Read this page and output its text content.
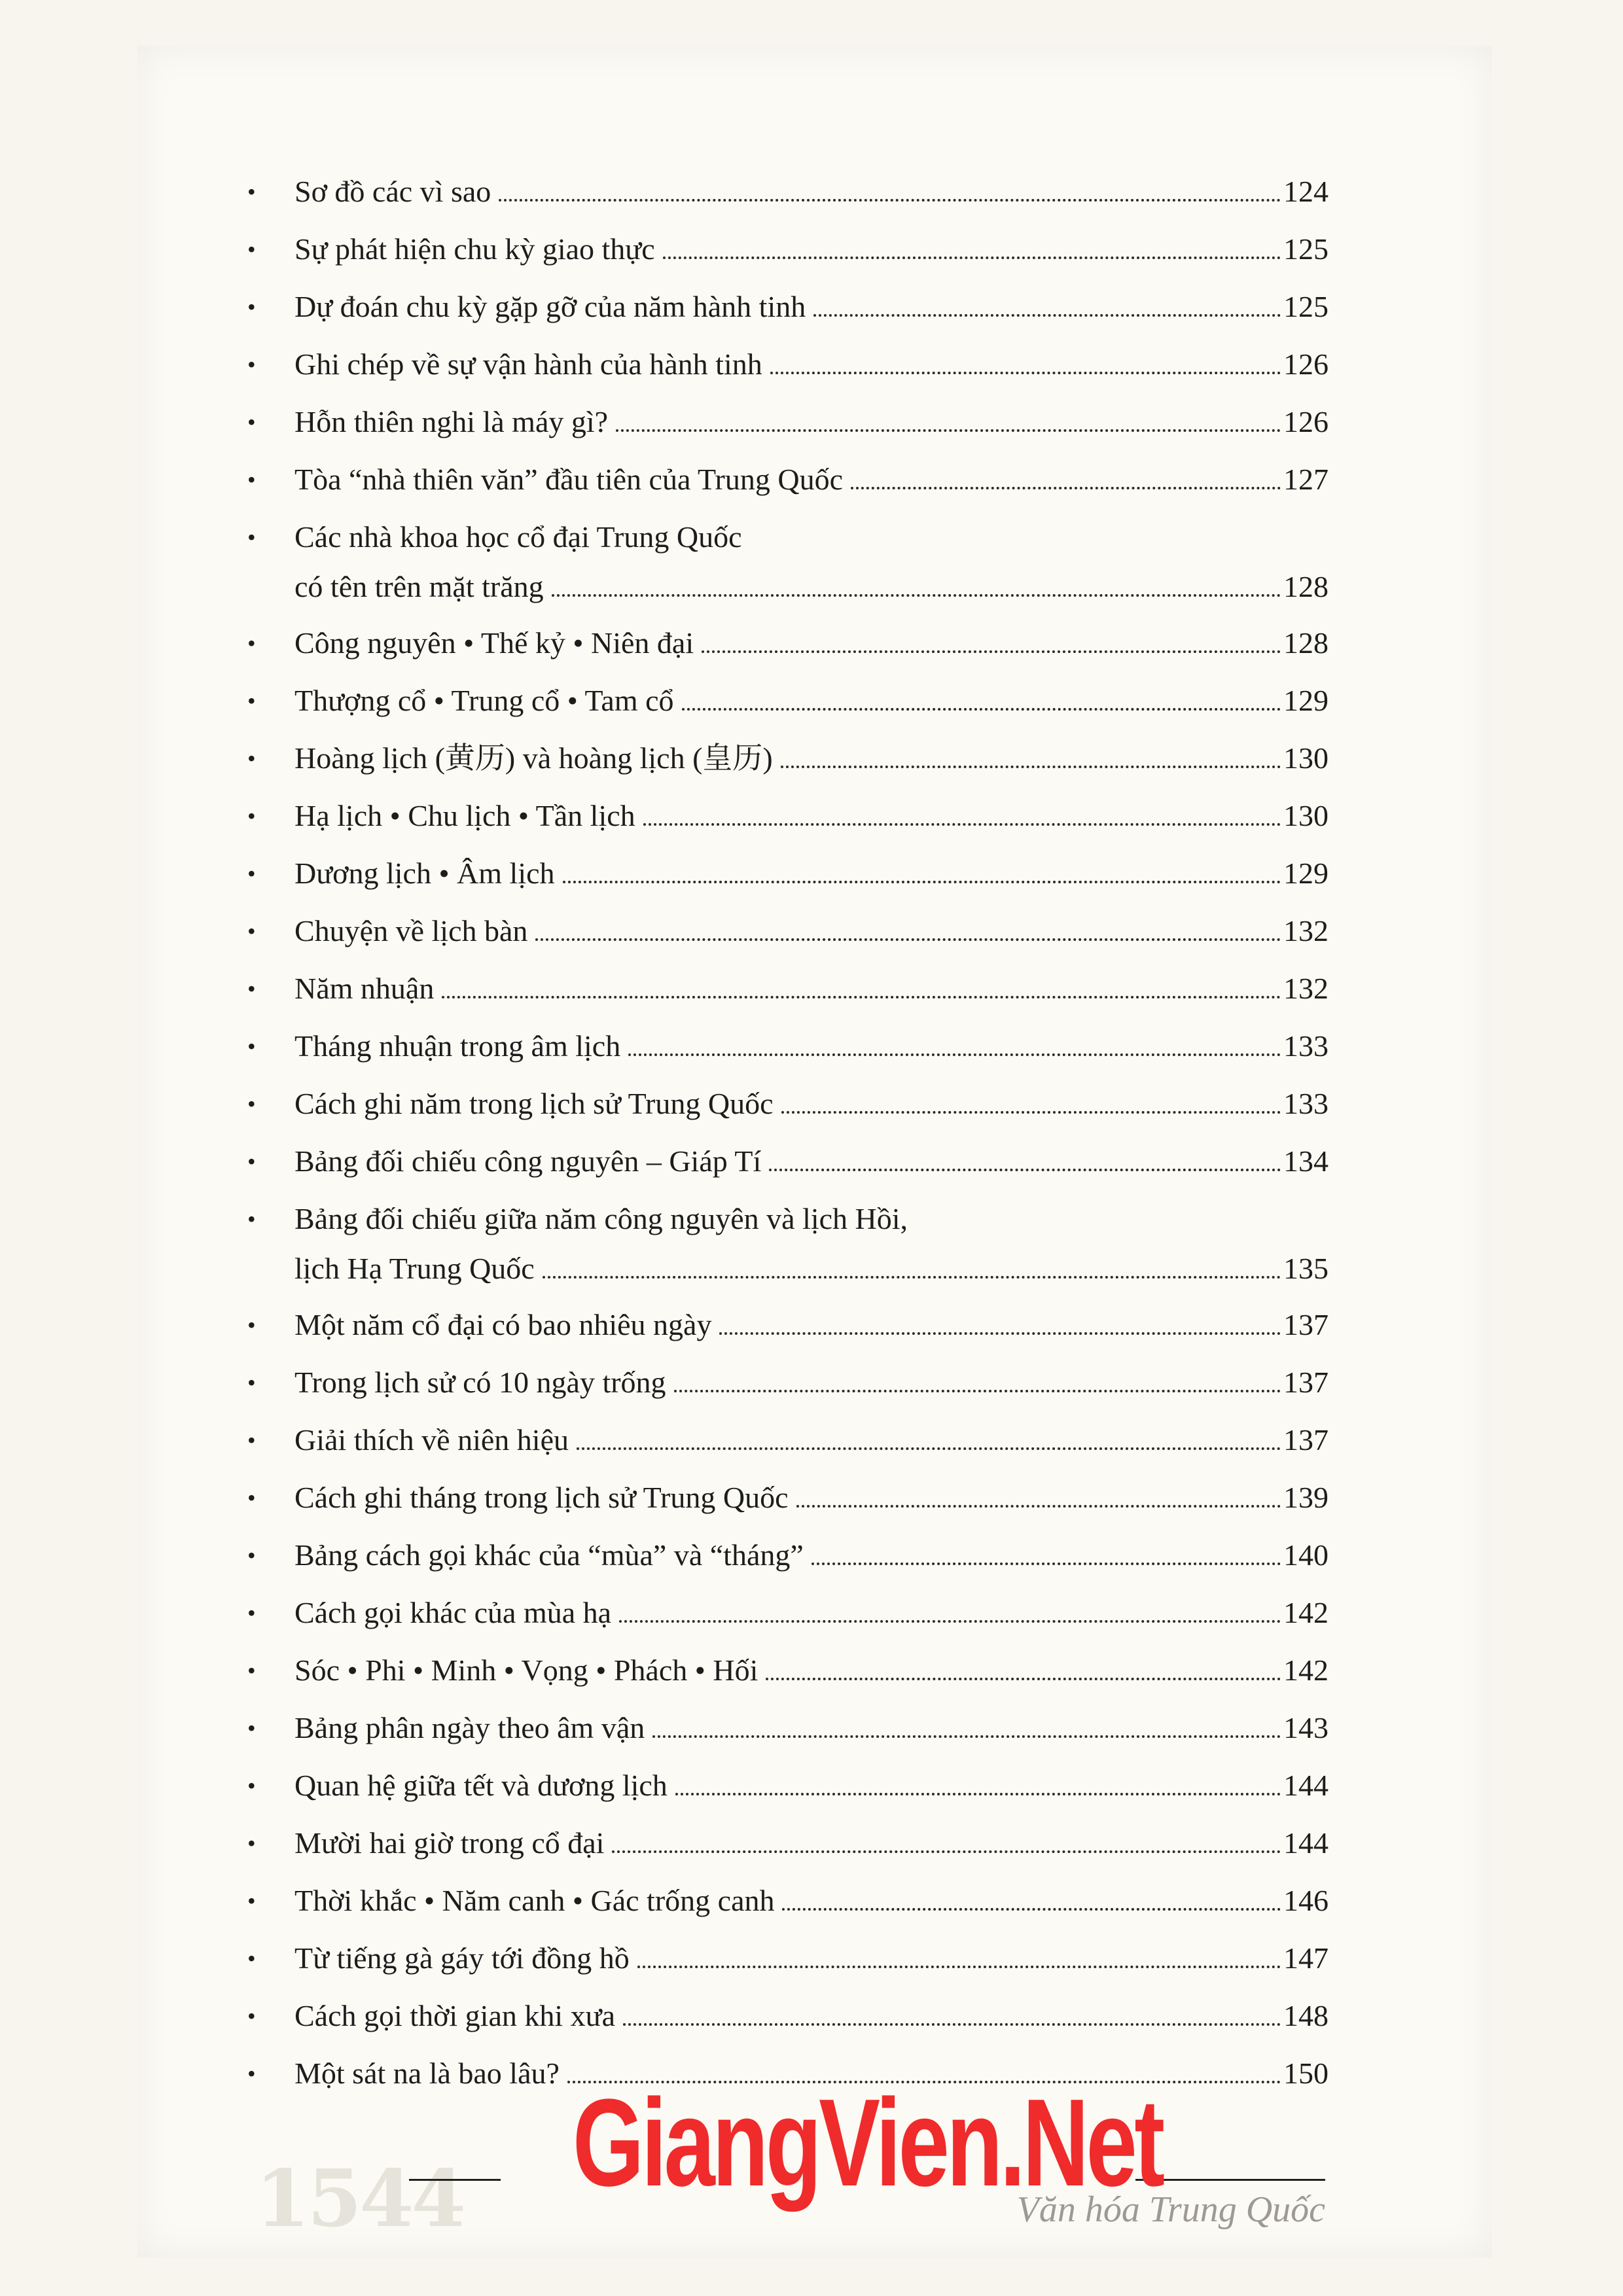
• Sơ đồ các vì sao	124
• Sự phát hiện chu kỳ giao thực	125
• Dự đoán chu kỳ gặp gỡ của năm hành tinh	125
• Ghi chép về sự vận hành của hành tinh	126
• Hỗn thiên nghi là máy gì?	126
• Tòa “nhà thiên văn” đầu tiên của Trung Quốc	127
• Các nhà khoa học cổ đại Trung Quốc
có tên trên mặt trăng	128
• Công nguyên • Thế kỷ • Niên đại	128
• Thượng cổ • Trung cổ • Tam cổ	129
• Hoàng lịch (黄历) và hoàng lịch (皇历)	130
• Hạ lịch • Chu lịch • Tần lịch	130
• Dương lịch • Âm lịch	129
• Chuyện về lịch bàn	132
• Năm nhuận	132
• Tháng nhuận trong âm lịch	133
• Cách ghi năm trong lịch sử Trung Quốc	133
• Bảng đối chiếu công nguyên – Giáp Tí	134
• Bảng đối chiếu giữa năm công nguyên và lịch Hồi,
lịch Hạ Trung Quốc	135
• Một năm cổ đại có bao nhiêu ngày	137
• Trong lịch sử có 10 ngày trống	137
• Giải thích về niên hiệu	137
• Cách ghi tháng trong lịch sử Trung Quốc	139
• Bảng cách gọi khác của “mùa” và “tháng”	140
• Cách gọi khác của mùa hạ	142
• Sóc • Phi • Minh • Vọng • Phách • Hối	142
• Bảng phân ngày theo âm vận	143
• Quan hệ giữa tết và dương lịch	144
• Mười hai giờ trong cổ đại	144
• Thời khắc • Năm canh • Gác trống canh	146
• Từ tiếng gà gáy tới đồng hồ	147
• Cách gọi thời gian khi xưa	148
• Một sát na là bao lâu?	150
1544	Văn hóa Trung Quốc
GiangVien.Net
